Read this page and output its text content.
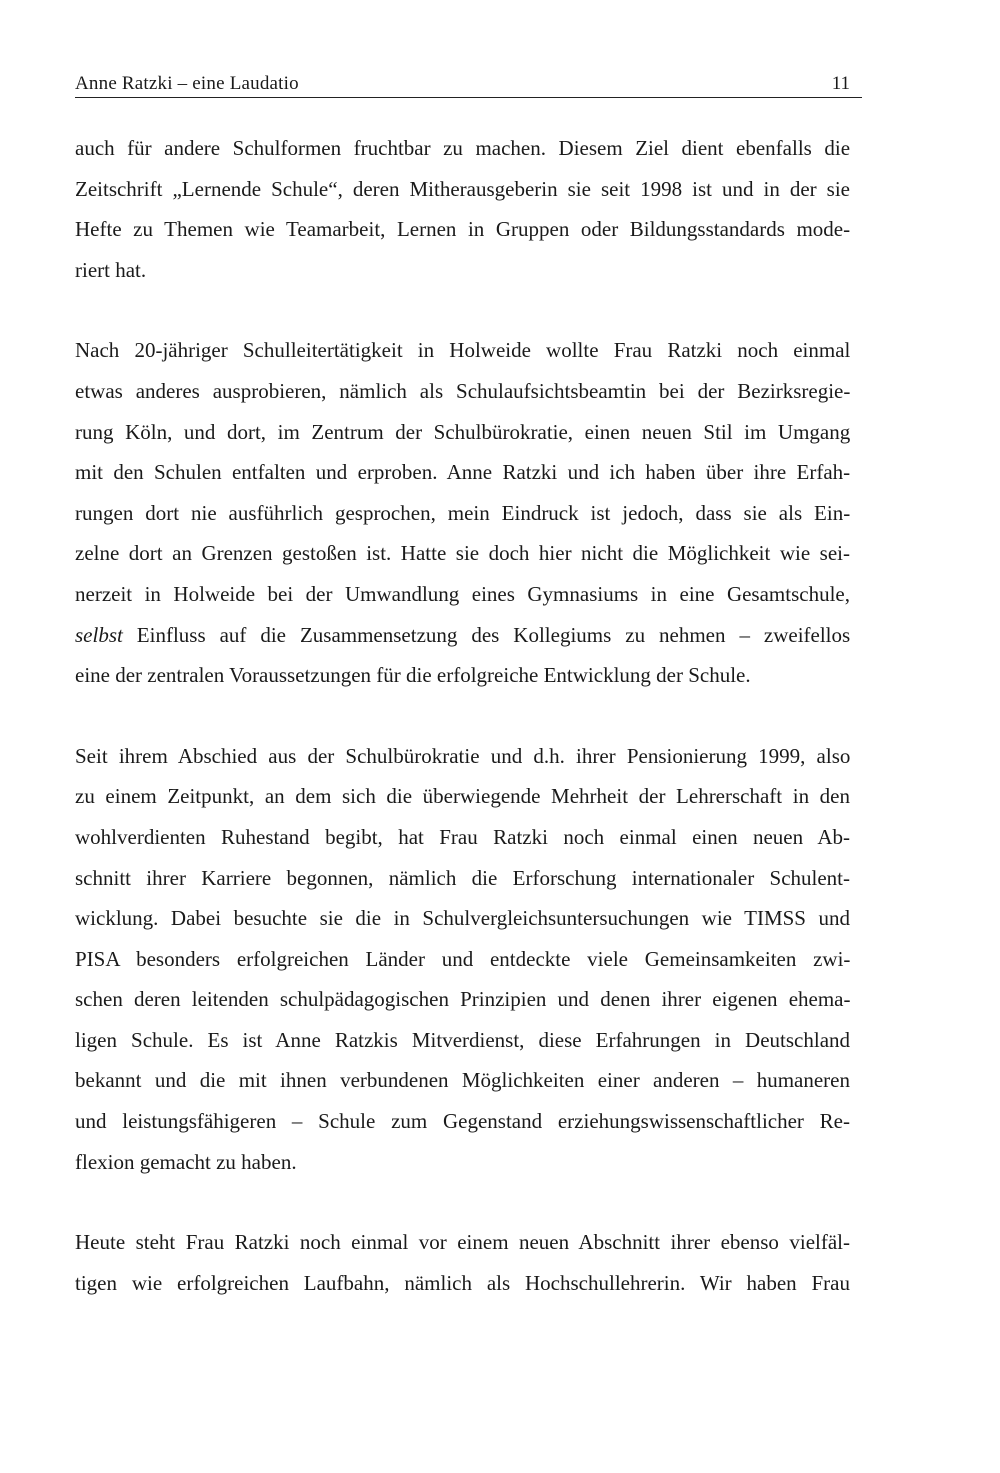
Anne Ratzki – eine Laudatio	11
auch für andere Schulformen fruchtbar zu machen. Diesem Ziel dient ebenfalls die
Zeitschrift „Lernende Schule“, deren Mitherausgeberin sie seit 1998 ist und in der sie
Hefte zu Themen wie Teamarbeit, Lernen in Gruppen oder Bildungsstandards mode-
riert hat.
Nach 20-jähriger Schulleitertätigkeit in Holweide wollte Frau Ratzki noch einmal
etwas anderes ausprobieren, nämlich als Schulaufsichtsbeamtin bei der Bezirksregie-
rung Köln, und dort, im Zentrum der Schulbürokratie, einen neuen Stil im Umgang
mit den Schulen entfalten und erproben. Anne Ratzki und ich haben über ihre Erfah-
rungen dort nie ausführlich gesprochen, mein Eindruck ist jedoch, dass sie als Ein-
zelne dort an Grenzen gestoßen ist. Hatte sie doch hier nicht die Möglichkeit wie sei-
nerzeit in Holweide bei der Umwandlung eines Gymnasiums in eine Gesamtschule,
selbst Einfluss auf die Zusammensetzung des Kollegiums zu nehmen – zweifellos
eine der zentralen Voraussetzungen für die erfolgreiche Entwicklung der Schule.
Seit ihrem Abschied aus der Schulbürokratie und d.h. ihrer Pensionierung 1999, also
zu einem Zeitpunkt, an dem sich die überwiegende Mehrheit der Lehrerschaft in den
wohlverdienten Ruhestand begibt, hat Frau Ratzki noch einmal einen neuen Ab-
schnitt ihrer Karriere begonnen, nämlich die Erforschung internationaler Schulent-
wicklung. Dabei besuchte sie die in Schulvergleichsuntersuchungen wie TIMSS und
PISA besonders erfolgreichen Länder und entdeckte viele Gemeinsamkeiten zwi-
schen deren leitenden schulpädagogischen Prinzipien und denen ihrer eigenen ehema-
ligen Schule. Es ist Anne Ratzkis Mitverdienst, diese Erfahrungen in Deutschland
bekannt und die mit ihnen verbundenen Möglichkeiten einer anderen – humaneren
und leistungsfähigeren – Schule zum Gegenstand erziehungswissenschaftlicher Re-
flexion gemacht zu haben.
Heute steht Frau Ratzki noch einmal vor einem neuen Abschnitt ihrer ebenso vielfäl-
tigen wie erfolgreichen Laufbahn, nämlich als Hochschullehrerin. Wir haben Frau
